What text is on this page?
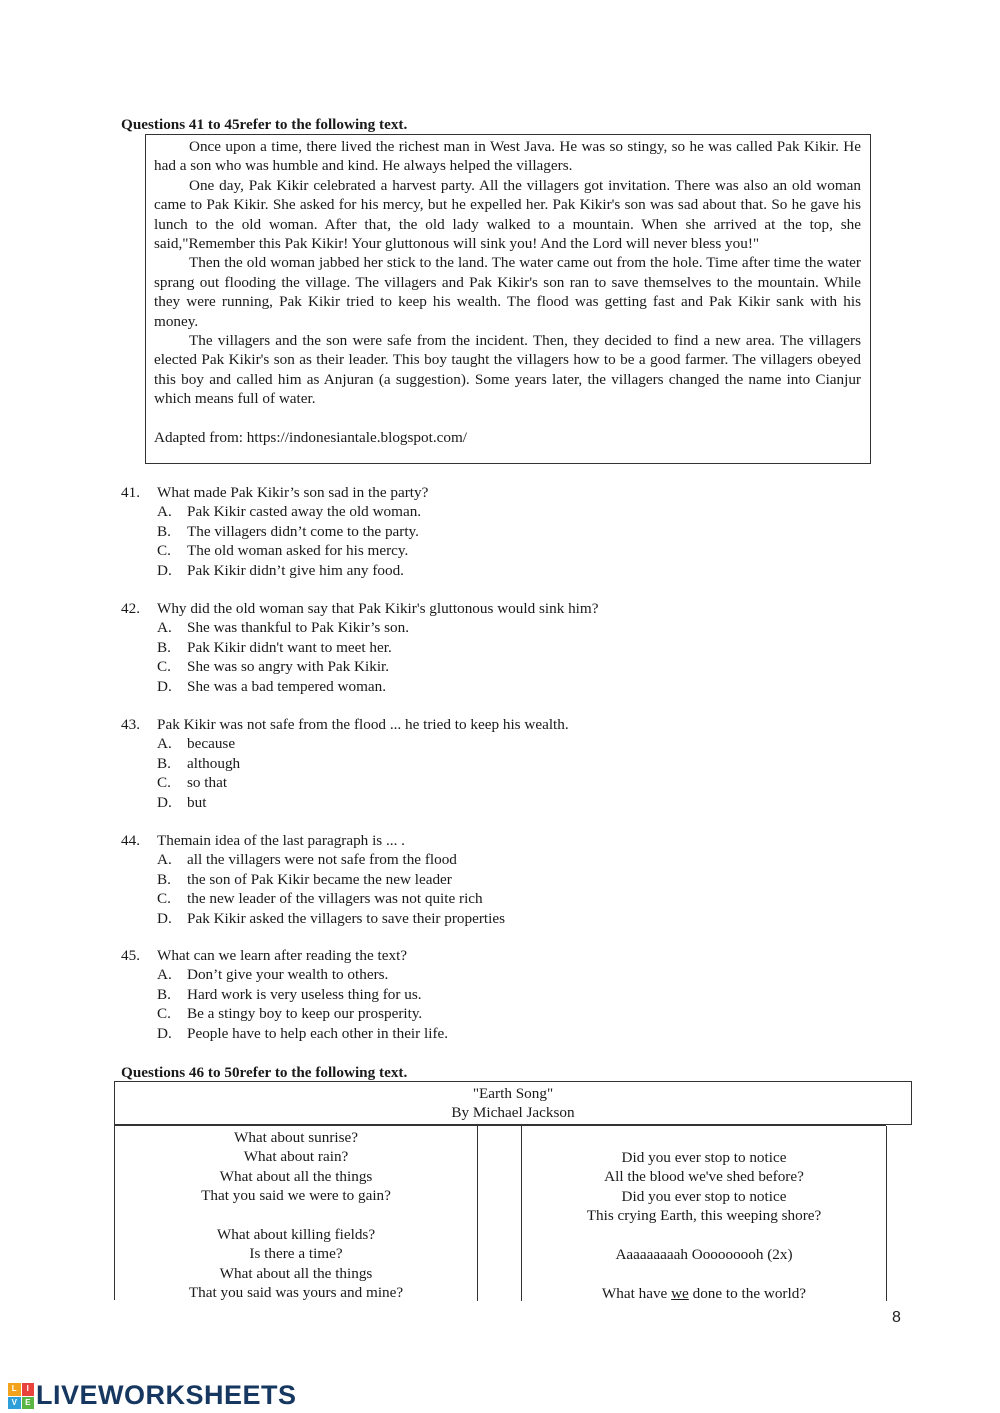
Questions 41 to 45refer to the following text.

Once upon a time, there lived the richest man in West Java. He was so stingy, so he was called Pak Kikir. He had a son who was humble and kind. He always helped the villagers.

One day, Pak Kikir celebrated a harvest party. All the villagers got invitation. There was also an old woman came to Pak Kikir. She asked for his mercy, but he expelled her. Pak Kikir's son was sad about that. So he gave his lunch to the old woman. After that, the old lady walked to a mountain. When she arrived at the top, she said,"Remember this Pak Kikir! Your gluttonous will sink you! And the Lord will never bless you!"

Then the old woman jabbed her stick to the land. The water came out from the hole. Time after time the water sprang out flooding the village. The villagers and Pak Kikir's son ran to save themselves to the mountain. While they were running, Pak Kikir tried to keep his wealth. The flood was getting fast and Pak Kikir sank with his money.

The villagers and the son were safe from the incident. Then, they decided to find a new area. The villagers elected Pak Kikir's son as their leader. This boy taught the villagers how to be a good farmer. The villagers obeyed this boy and called him as Anjuran (a suggestion). Some years later, the villagers changed the name into Cianjur which means full of water.

Adapted from: https://indonesiantale.blogspot.com/

41. What made Pak Kikir’s son sad in the party?
A. Pak Kikir casted away the old woman.
B. The villagers didn’t come to the party.
C. The old woman asked for his mercy.
D. Pak Kikir didn’t give him any food.
42. Why did the old woman say that Pak Kikir's gluttonous would sink him?
A. She was thankful to Pak Kikir’s son.
B. Pak Kikir didn't want to meet her.
C. She was so angry with Pak Kikir.
D. She was a bad tempered woman.
43. Pak Kikir was not safe from the flood ... he tried to keep his wealth.
A. because
B. although
C. so that
D. but
44. Themain idea of the last paragraph is ... .
A. all the villagers were not safe from the flood
B. the son of Pak Kikir became the new leader
C. the new leader of the villagers was not quite rich
D. Pak Kikir asked the villagers to save their properties
45. What can we learn after reading the text?
A. Don’t give your wealth to others.
B. Hard work is very useless thing for us.
C. Be a stingy boy to keep our prosperity.
D. People have to help each other in their life.
Questions 46 to 50refer to the following text.
"Earth Song"
By Michael Jackson
What about sunrise?
What about rain?
What about all the things
That you said we were to gain?
What about killing fields?
Is there a time?
What about all the things
That you said was yours and mine?
Did you ever stop to notice
All the blood we've shed before?
Did you ever stop to notice
This crying Earth, this weeping shore?
Aaaaaaaaah Ooooooooh (2x)
What have we done to the world?
8
L	I
V	E LIVEWORKSHEETS
